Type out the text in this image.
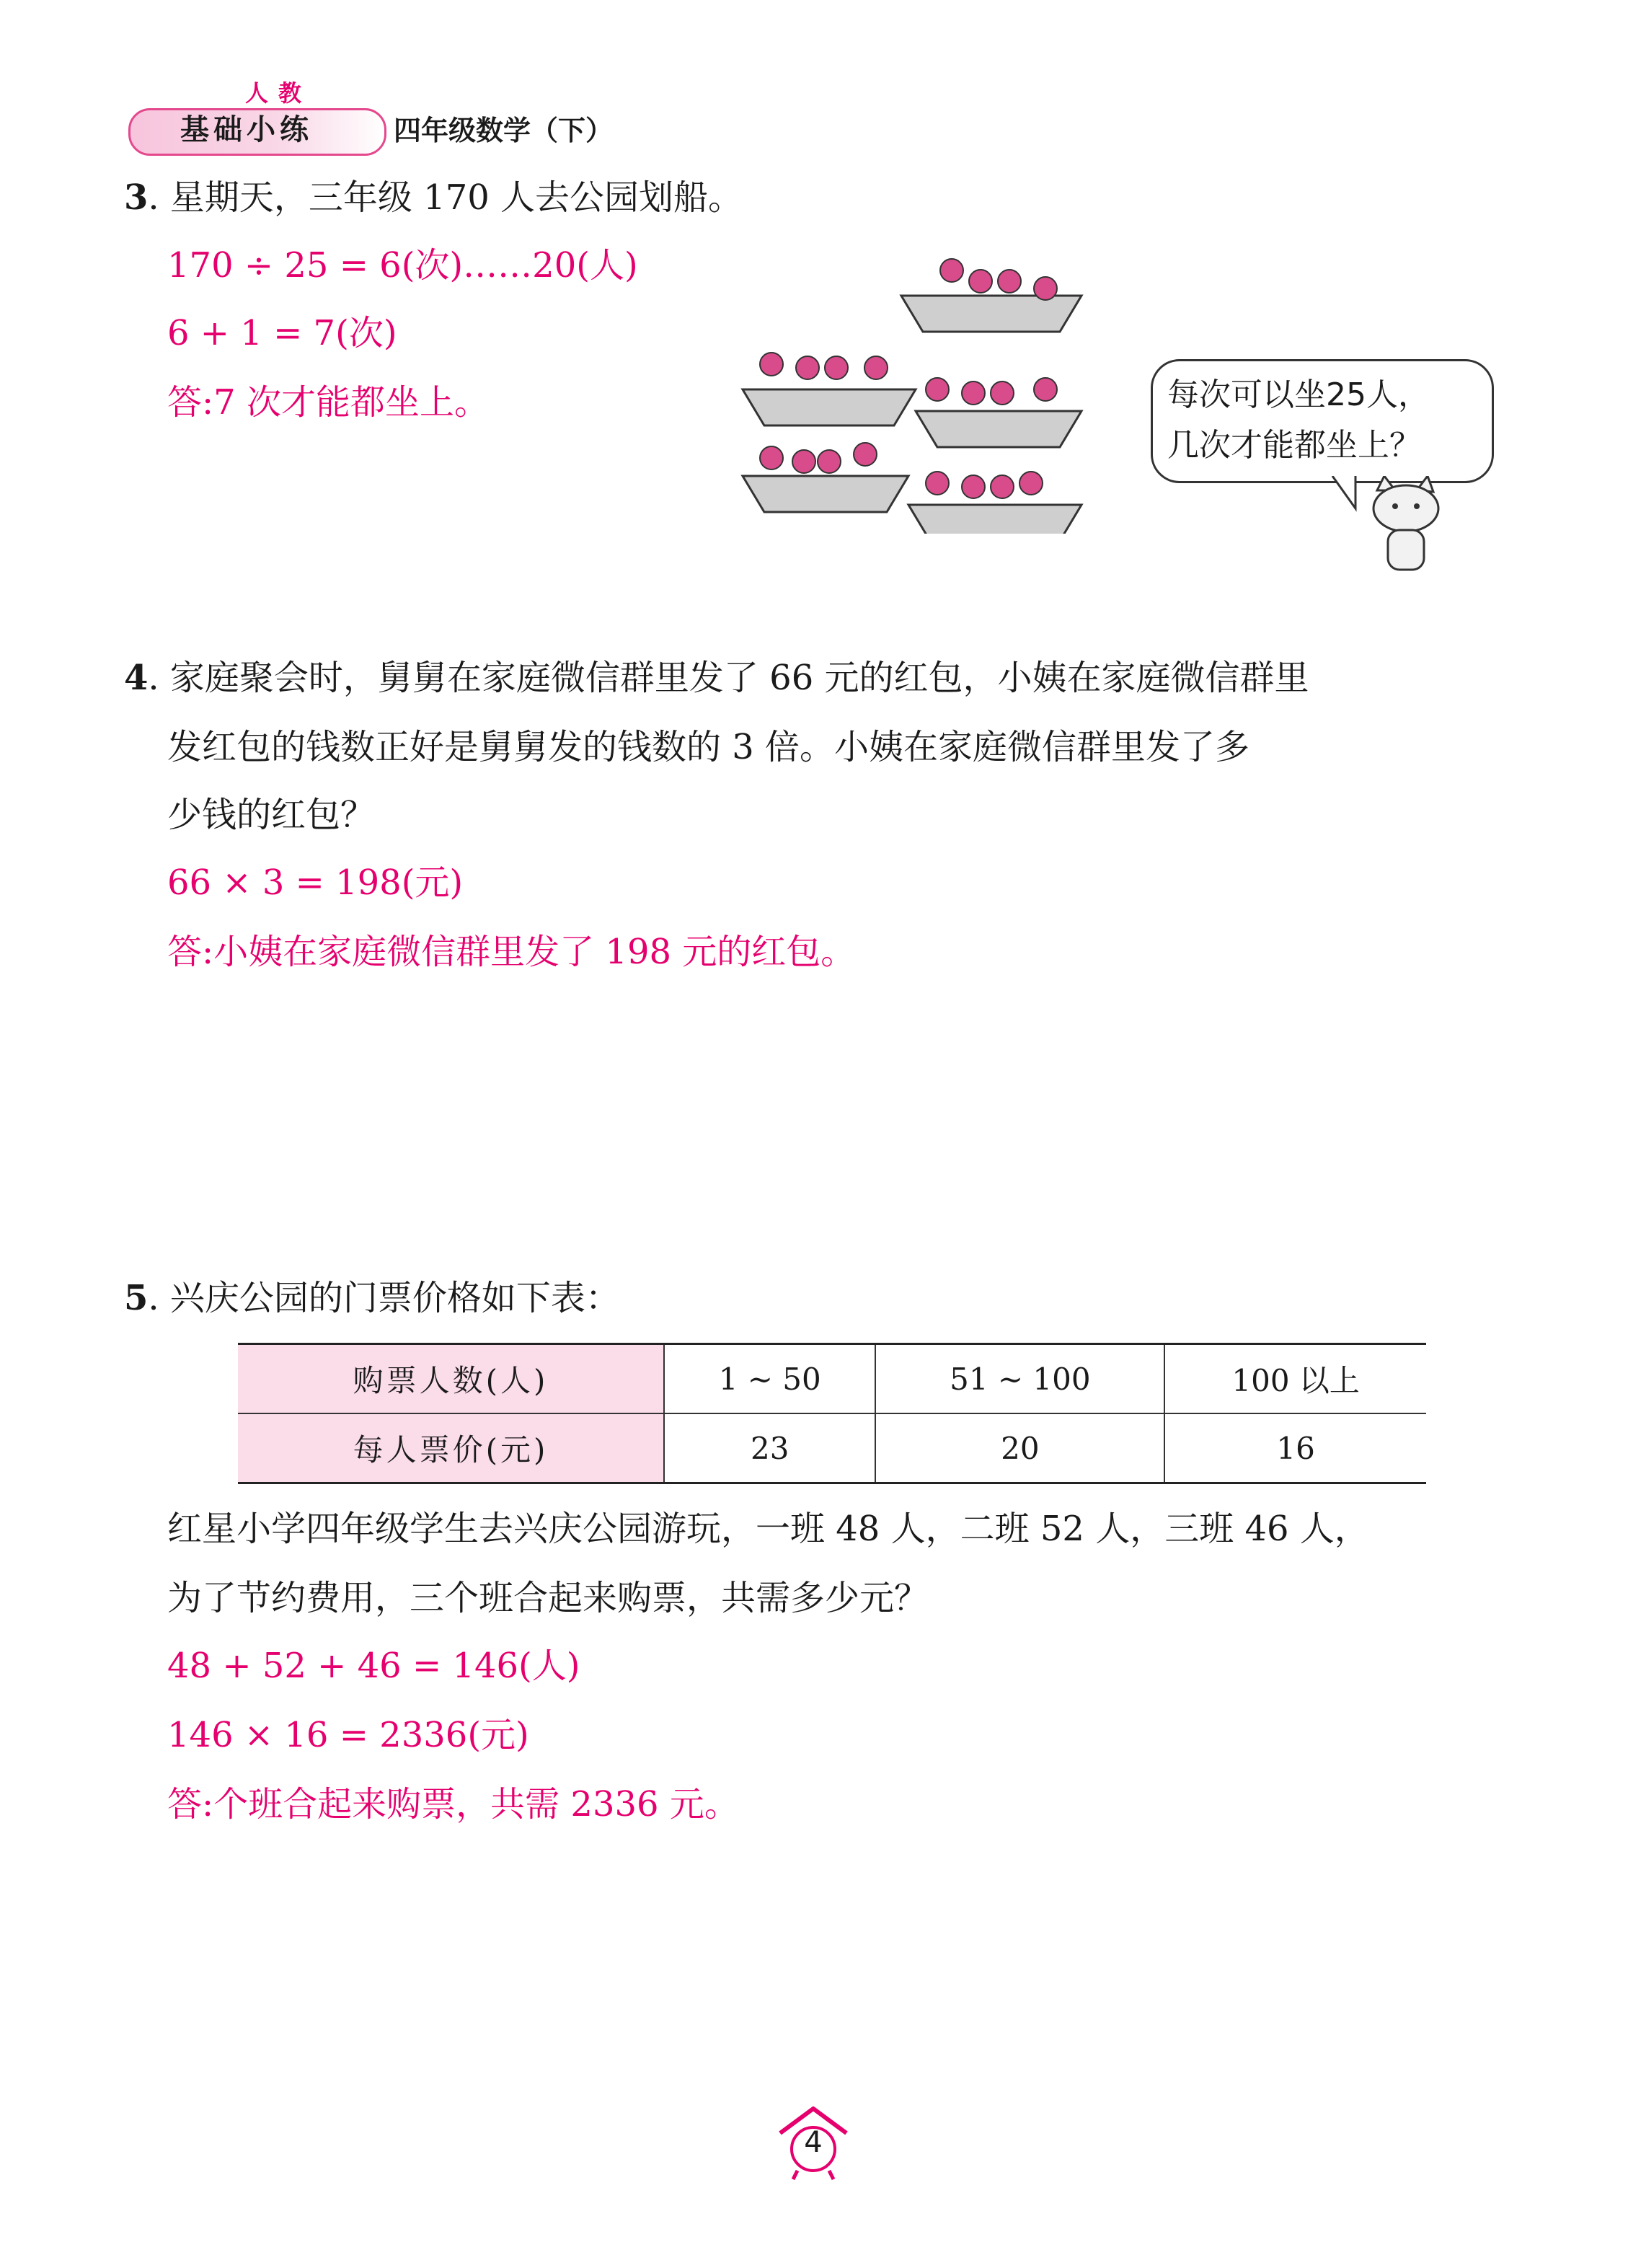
人教
基础小练	四年级数学（下）
3. 星期天，三年级 170 人去公园划船。
170 ÷ 25 = 6(次)……20(人)
6 + 1 = 7(次)
答:7 次才能都坐上。	每次可以坐25人，
几次才能都坐上？
4. 家庭聚会时，舅舅在家庭微信群里发了 66 元的红包，小姨在家庭微信群里
发红包的钱数正好是舅舅发的钱数的 3 倍。小姨在家庭微信群里发了多
少钱的红包？
66 × 3 = 198(元)
答:小姨在家庭微信群里发了 198 元的红包。
5. 兴庆公园的门票价格如下表：
购票人数(人)	1 ~ 50	51 ~ 100	100 以上
每人票价(元)	23	20	16
红星小学四年级学生去兴庆公园游玩，一班 48 人，二班 52 人，三班 46 人，
为了节约费用，三个班合起来购票，共需多少元？
48 + 52 + 46 = 146(人)
146 × 16 = 2336(元)
答:个班合起来购票，共需 2336 元。
4
